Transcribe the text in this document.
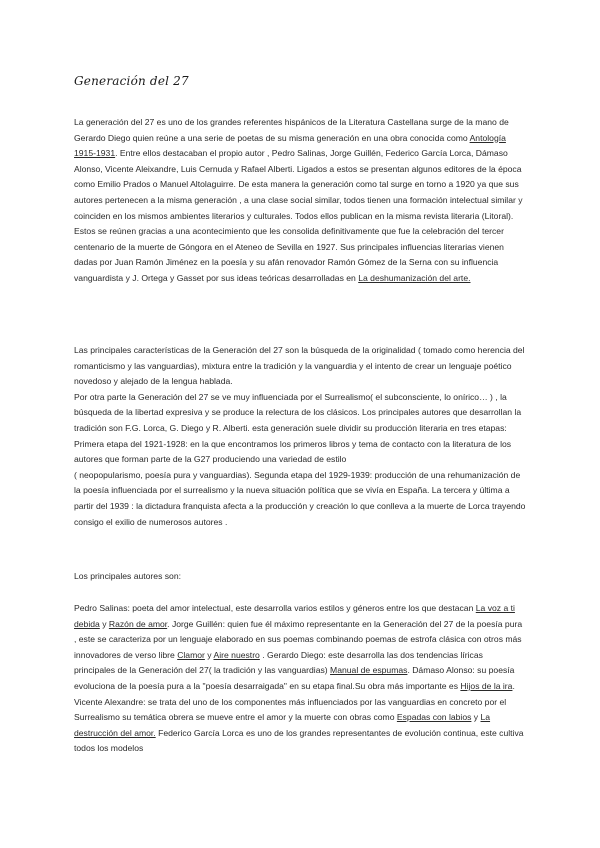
Generación del 27
La generación del 27 es uno de los grandes referentes hispánicos de la Literatura Castellana surge de la mano de Gerardo Diego quien reúne a una serie de poetas de su misma generación en una obra conocida como Antología 1915-1931. Entre ellos destacaban el propio autor , Pedro Salinas, Jorge Guillén, Federico García Lorca, Dámaso Alonso, Vicente Aleixandre, Luis Cernuda y Rafael Alberti. Ligados a estos se presentan algunos editores de la época como Emilio Prados o Manuel Altolaguirre. De esta manera la generación como tal surge en torno a 1920 ya que sus autores pertenecen a la misma generación , a una clase social similar, todos tienen una formación intelectual similar y coinciden en los mismos ambientes literarios y culturales. Todos ellos publican en la misma revista literaria (Litoral). Estos se reúnen gracias a una acontecimiento que les consolida definitivamente que fue la celebración del tercer centenario de la muerte de Góngora en el Ateneo de Sevilla en 1927. Sus principales influencias literarias vienen dadas por Juan Ramón Jiménez en la poesía y su afán renovador Ramón Gómez de la Serna con su influencia vanguardista y J. Ortega y Gasset por sus ideas teóricas desarrolladas en La deshumanización del arte.
Las principales características de la Generación del 27 son la búsqueda de la originalidad ( tomado como herencia del romanticismo y las vanguardias), mixtura entre la tradición y la vanguardia y el intento de crear un lenguaje poético novedoso y alejado de la lengua hablada.
Por otra parte la Generación del 27 se ve muy influenciada por el Surrealismo( el subconsciente, lo onírico… ) , la búsqueda de la libertad expresiva y se produce la relectura de los clásicos. Los principales autores que desarrollan la tradición son F.G. Lorca, G. Diego y R. Alberti. esta generación suele dividir su producción literaria en tres etapas:
Primera etapa del 1921-1928: en la que encontramos los primeros libros y tema de contacto con la literatura de los autores que forman parte de la G27 produciendo una variedad de estilo
( neopopularismo, poesía pura y vanguardias). Segunda etapa del 1929-1939: producción de una rehumanización de la poesía influenciada por el surrealismo y la nueva situación política que se vivía en España. La tercera y última a partir del 1939 : la dictadura franquista afecta a la producción y creación lo que conlleva a la muerte de Lorca trayendo consigo el exilio de numerosos autores .
Los principales autores son:
Pedro Salinas: poeta del amor intelectual, este desarrolla varios estilos y géneros entre los que destacan La voz a ti debida y Razón de amor. Jorge Guillén: quien fue él máximo representante en la Generación del 27 de la poesía pura , este se caracteriza por un lenguaje elaborado en sus poemas combinando poemas de estrofa clásica con otros más innovadores de verso libre Clamor y Aire nuestro . Gerardo Diego: este desarrolla las dos tendencias líricas principales de la Generación del 27( la tradición y las vanguardias) Manual de espumas. Dámaso Alonso: su poesía evoluciona de la poesía pura a la "poesía desarraigada" en su etapa final.Su obra más importante es Hijos de la ira. Vicente Alexandre: se trata del uno de los componentes más influenciados por las vanguardias en concreto por el Surrealismo su temática obrera se mueve entre el amor y la muerte con obras como Espadas con labios y La destrucción del amor. Federico García Lorca es uno de los grandes representantes de evolución continua, este cultiva todos los modelos
